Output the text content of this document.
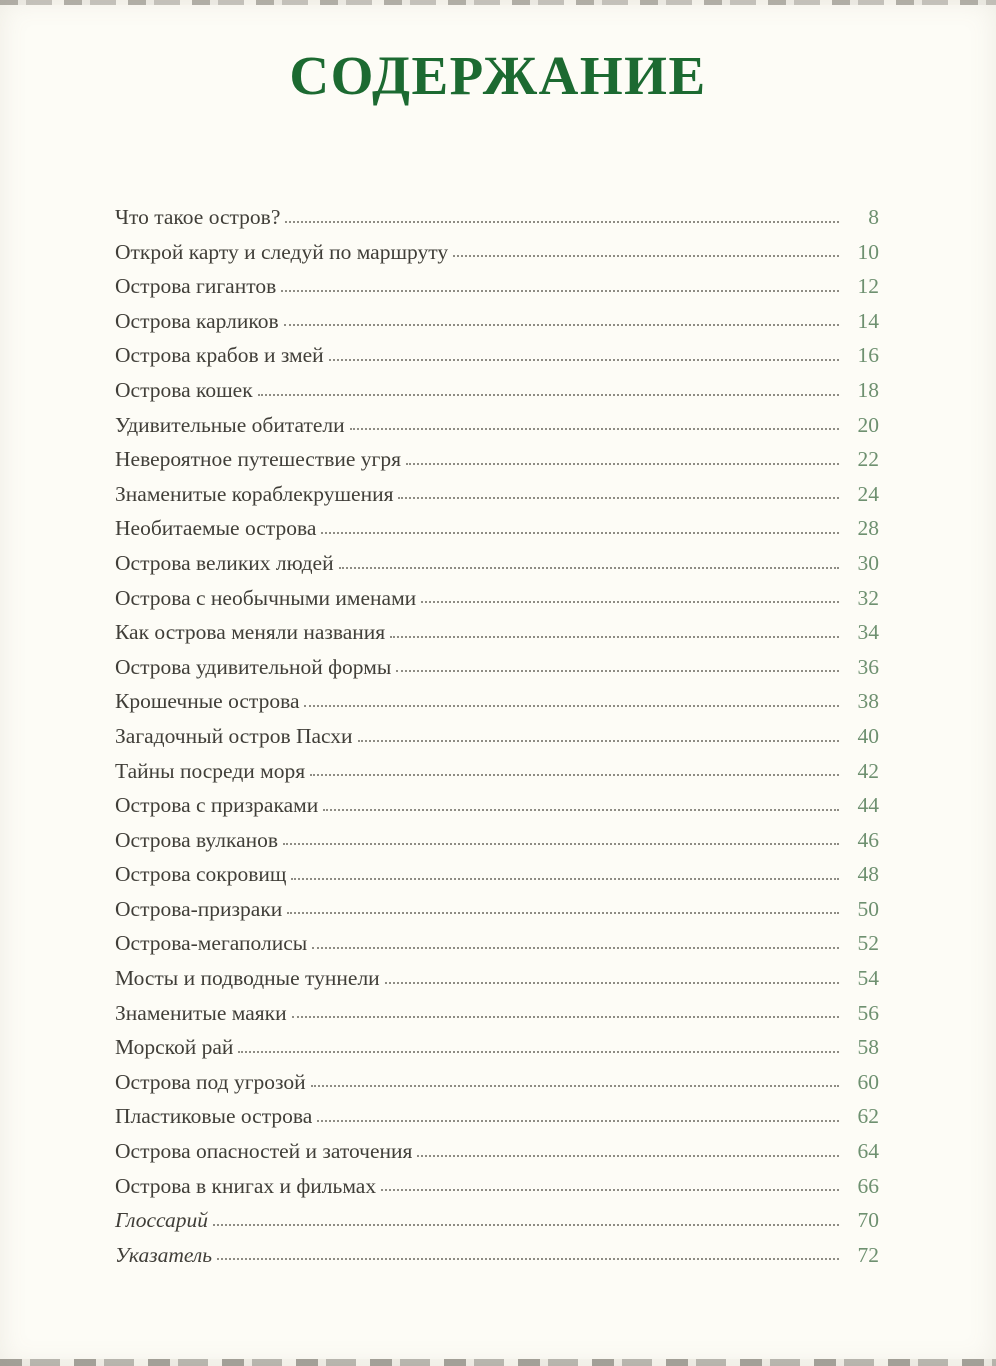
СОДЕРЖАНИЕ
Что такое остров?	8
Открой карту и следуй по маршруту	10
Острова гигантов	12
Острова карликов	14
Острова крабов и змей	16
Острова кошек	18
Удивительные обитатели	20
Невероятное путешествие угря	22
Знаменитые кораблекрушения	24
Необитаемые острова	28
Острова великих людей	30
Острова с необычными именами	32
Как острова меняли названия	34
Острова удивительной формы	36
Крошечные острова	38
Загадочный остров Пасхи	40
Тайны посреди моря	42
Острова с призраками	44
Острова вулканов	46
Острова сокровищ	48
Острова-призраки	50
Острова-мегаполисы	52
Мосты и подводные туннели	54
Знаменитые маяки	56
Морской рай	58
Острова под угрозой	60
Пластиковые острова	62
Острова опасностей и заточения	64
Острова в книгах и фильмах	66
Глоссарий	70
Указатель	72
